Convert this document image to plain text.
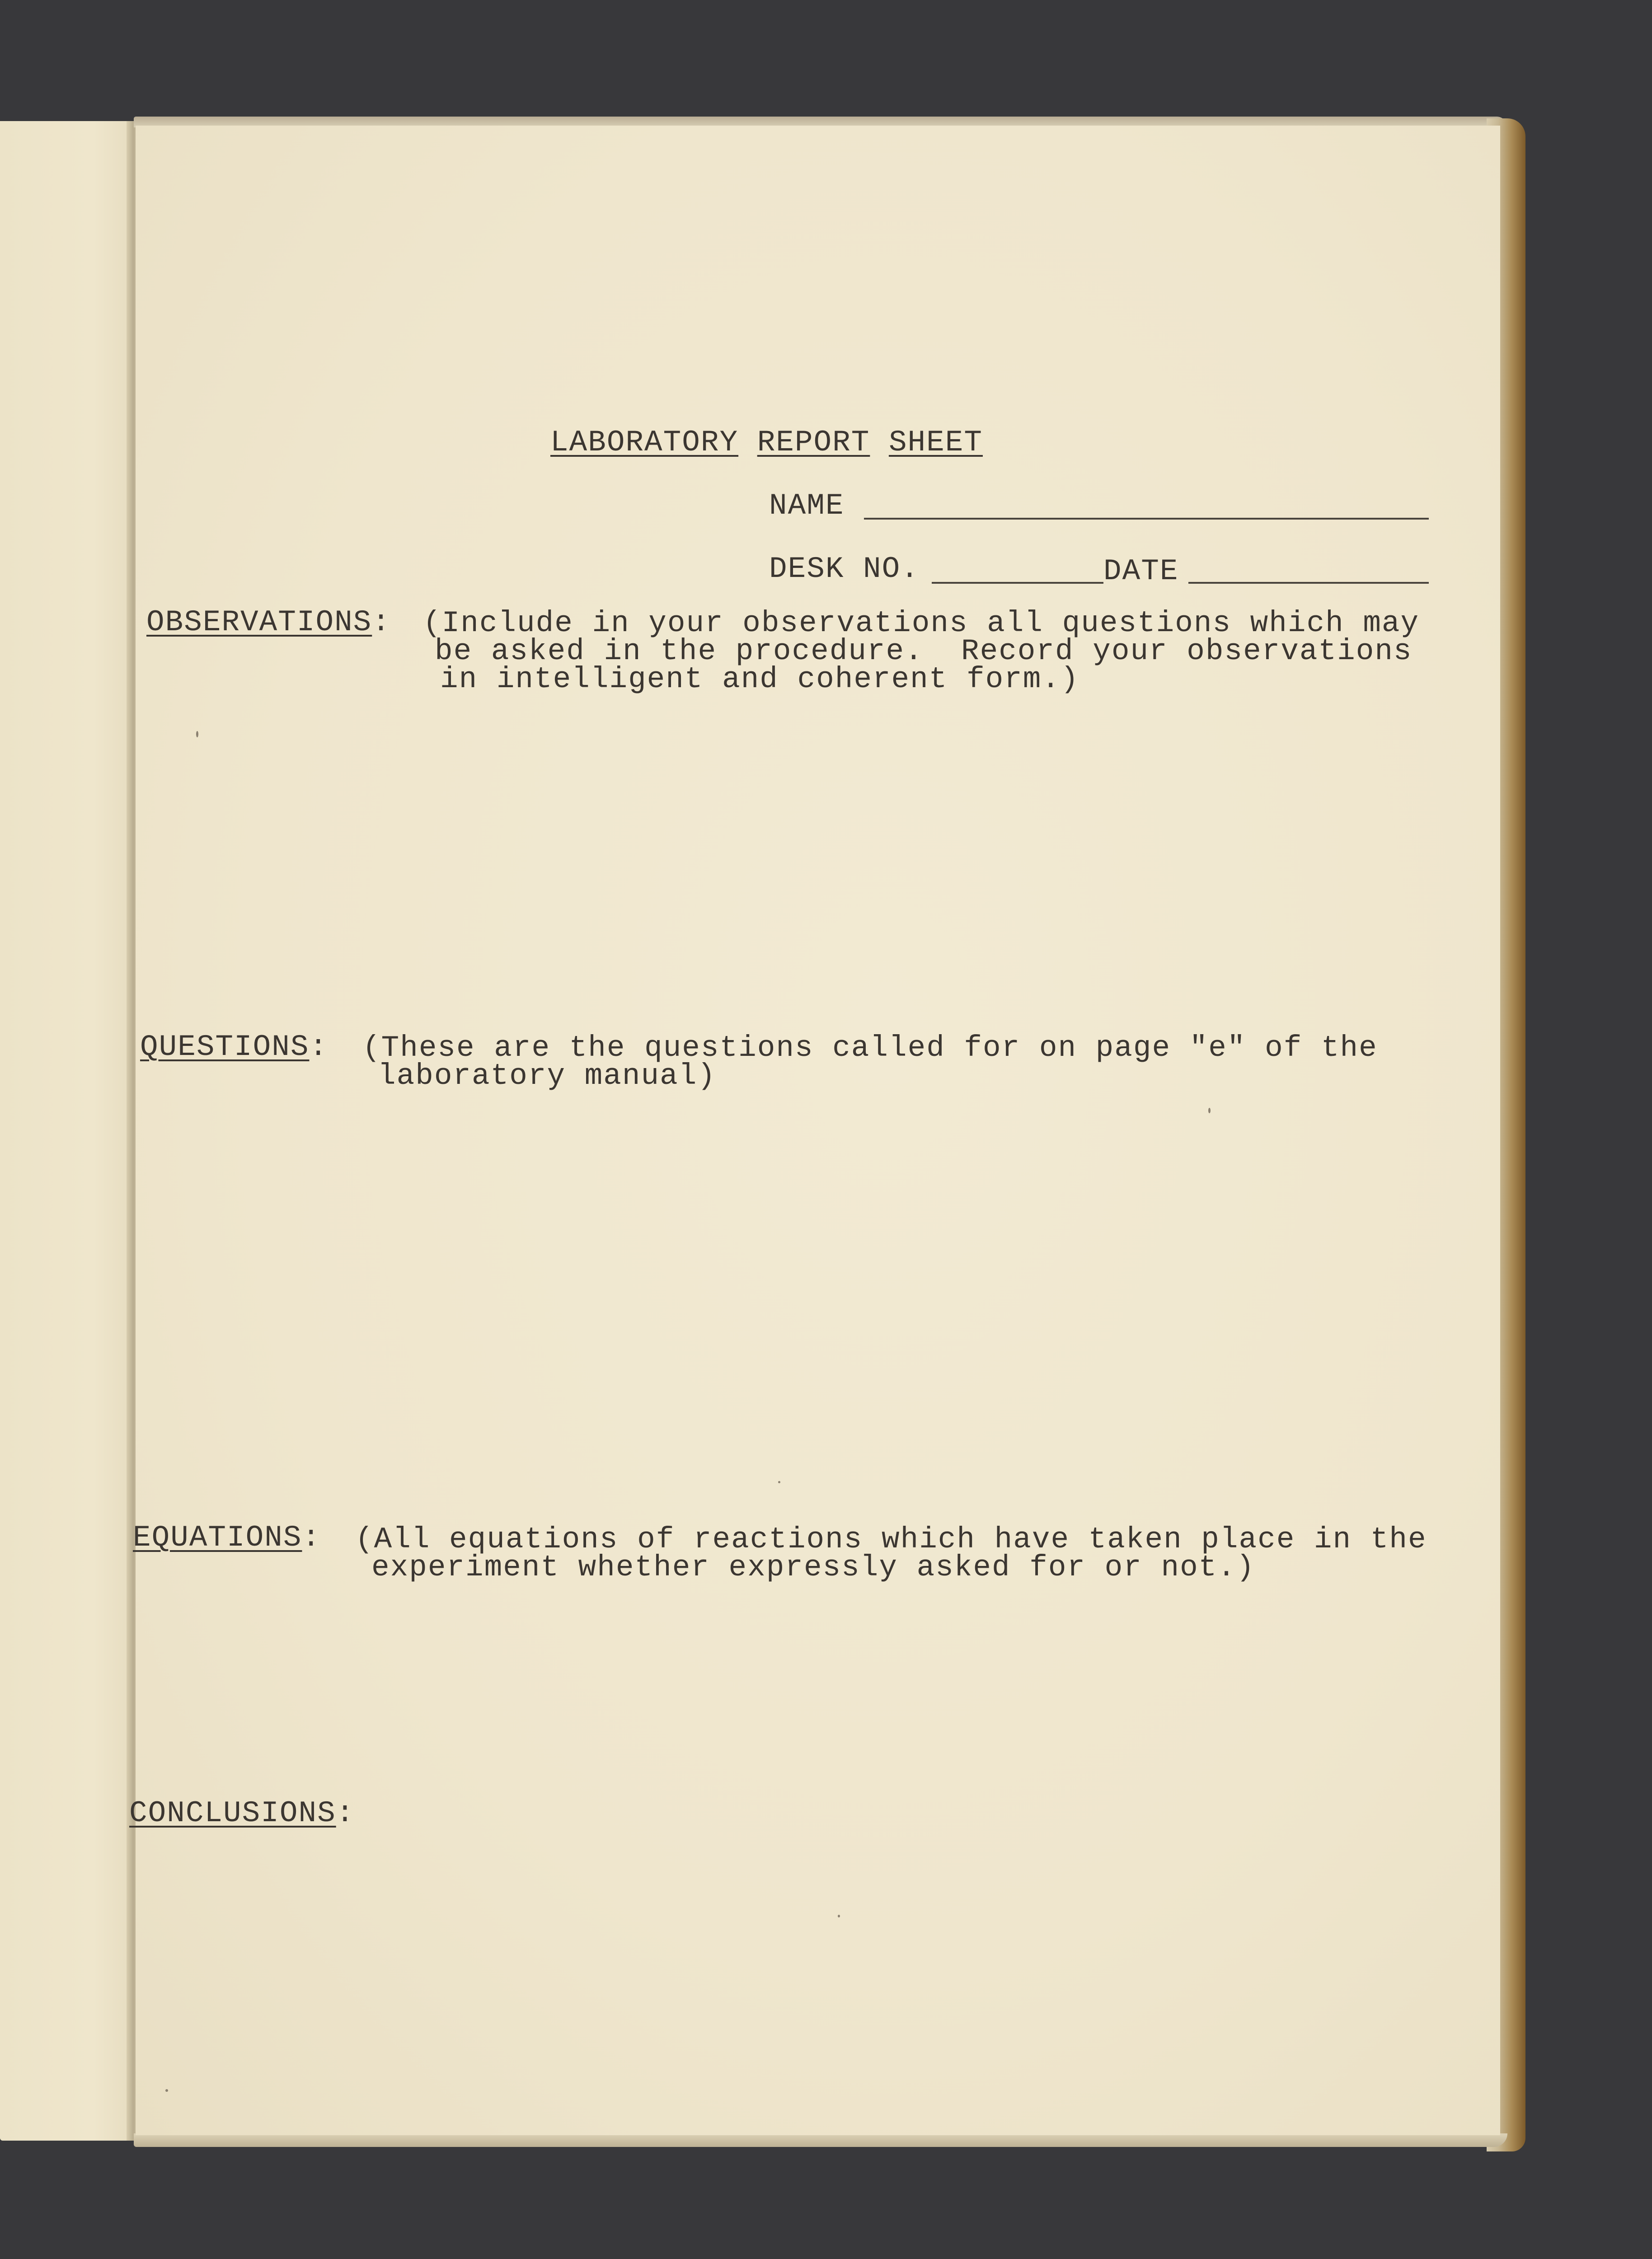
LABORATORY REPORT SHEET
NAME
DESK NO.	DATE
OBSERVATIONS: (Include in your observations all questions which may
be asked in the procedure.  Record your observations
in intelligent and coherent form.)
QUESTIONS: (These are the questions called for on page "e" of the
laboratory manual)
EQUATIONS: (All equations of reactions which have taken place in the
experiment whether expressly asked for or not.)
CONCLUSIONS:
